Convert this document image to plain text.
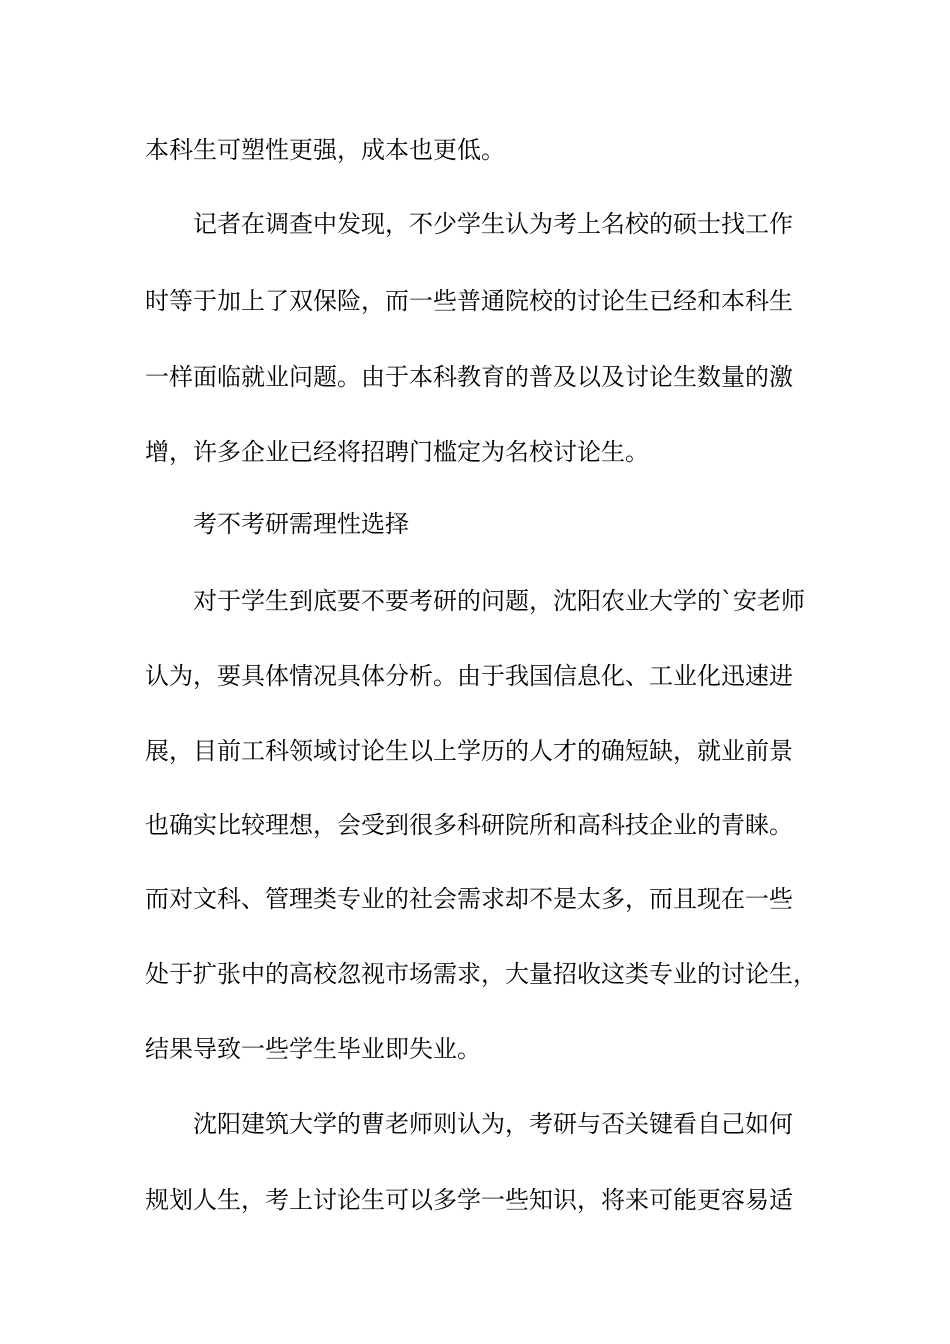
本科生可塑性更强，成本也更低。
记者在调查中发现，不少学生认为考上名校的硕士找工作
时等于加上了双保险，而一些普通院校的讨论生已经和本科生
一样面临就业问题。由于本科教育的普及以及讨论生数量的激
增，许多企业已经将招聘门槛定为名校讨论生。
考不考研需理性选择
对于学生到底要不要考研的问题，沈阳农业大学的`安老师
认为，要具体情况具体分析。由于我国信息化、工业化迅速进
展，目前工科领域讨论生以上学历的人才的确短缺，就业前景
也确实比较理想，会受到很多科研院所和高科技企业的青睐。
而对文科、管理类专业的社会需求却不是太多，而且现在一些
处于扩张中的高校忽视市场需求，大量招收这类专业的讨论生，
结果导致一些学生毕业即失业。
沈阳建筑大学的曹老师则认为，考研与否关键看自己如何
规划人生，考上讨论生可以多学一些知识，将来可能更容易适
